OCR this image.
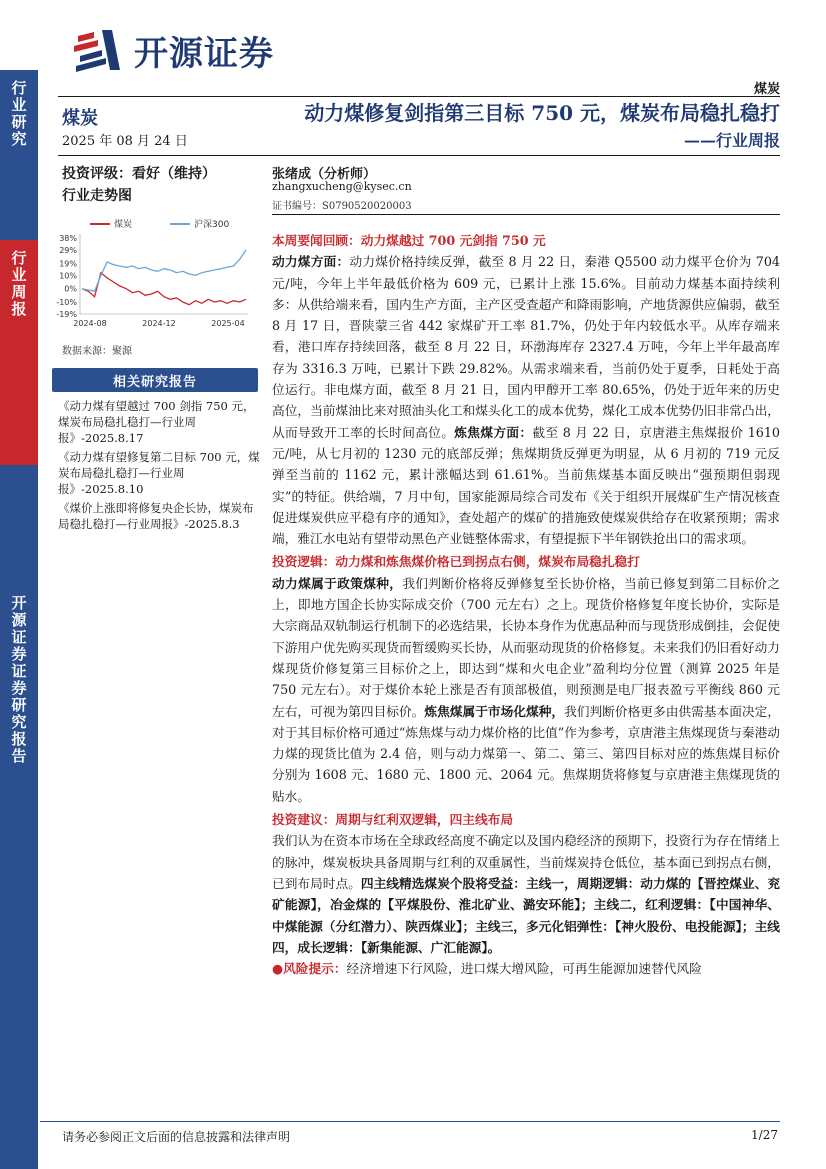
开源证券
行业研究
行业周报
开源证券证券研究报告
煤炭
煤炭
2025 年 08 月 24 日
动力煤修复剑指第三目标 750 元，煤炭布局稳扎稳打
——行业周报
投资评级：看好（维持）
行业走势图
煤炭	沪深300
38%
29%
19%
10%
0%
-10%
-19%
2024-08	2024-12	2025-04
数据来源：聚源
相关研究报告

《动力煤有望越过 700 剑指 750 元，煤炭布局稳扎稳打—行业周报》-2025.8.17

《动力煤有望修复第二目标 700 元，煤炭布局稳扎稳打—行业周报》-2025.8.10

《煤价上涨即将修复央企长协，煤炭布局稳扎稳打—行业周报》-2025.8.3

张绪成（分析师）
zhangxucheng@kysec.cn
证书编号：S0790520020003

本周要闻回顾：动力煤越过 700 元剑指 750 元

动力煤方面：动力煤价格持续反弹，截至 8 月 22 日，秦港 Q5500 动力煤平仓价为 704 元/吨，今年上半年最低价格为 609 元，已累计上涨 15.6%。目前动力煤基本面持续利多：从供给端来看，国内生产方面，主产区受查超产和降雨影响，产地货源供应偏弱，截至 8 月 17 日，晋陕蒙三省 442 家煤矿开工率 81.7%，仍处于年内较低水平。从库存端来看，港口库存持续回落，截至 8 月 22 日，环渤海库存 2327.4 万吨，今年上半年最高库存为 3316.3 万吨，已累计下跌 29.82%。从需求端来看，当前仍处于夏季，日耗处于高位运行。非电煤方面，截至 8 月 21 日，国内甲醇开工率 80.65%，仍处于近年来的历史高位，当前煤油比来对照油头化工和煤头化工的成本优势，煤化工成本优势仍旧非常凸出，从而导致开工率的长时间高位。炼焦煤方面：截至 8 月 22 日，京唐港主焦煤报价 1610 元/吨，从七月初的 1230 元的底部反弹；焦煤期货反弹更为明显，从 6 月初的 719 元反弹至当前的 1162 元，累计涨幅达到 61.61%。当前焦煤基本面反映出“强预期但弱现实”的特征。供给端，7 月中旬，国家能源局综合司发布《关于组织开展煤矿生产情况核查促进煤炭供应平稳有序的通知》，查处超产的煤矿的措施致使煤炭供给存在收紧预期；需求端，雅江水电站有望带动黑色产业链整体需求，有望提振下半年钢铁抢出口的需求项。

投资逻辑：动力煤和炼焦煤价格已到拐点右侧，煤炭布局稳扎稳打

动力煤属于政策煤种，我们判断价格将反弹修复至长协价格，当前已修复到第二目标价之上，即地方国企长协实际成交价（700 元左右）之上。现货价格修复年度长协价，实际是大宗商品双轨制运行机制下的必选结果，长协本身作为优惠品种而与现货形成倒挂，会促使下游用户优先购买现货而暂缓购买长协，从而驱动现货的价格修复。未来我们仍旧看好动力煤现货价修复第三目标价之上，即达到“煤和火电企业”盈利均分位置（测算 2025 年是 750 元左右）。对于煤价本轮上涨是否有顶部极值，则预测是电厂报表盈亏平衡线 860 元左右，可视为第四目标价。炼焦煤属于市场化煤种，我们判断价格更多由供需基本面决定，对于其目标价格可通过“炼焦煤与动力煤价格的比值”作为参考，京唐港主焦煤现货与秦港动力煤的现货比值为 2.4 倍，则与动力煤第一、第二、第三、第四目标对应的炼焦煤目标价分别为 1608 元、1680 元、1800 元、2064 元。焦煤期货将修复与京唐港主焦煤现货的贴水。

投资建议：周期与红利双逻辑，四主线布局

我们认为在资本市场在全球政经高度不确定以及国内稳经济的预期下，投资行为存在情绪上的脉冲，煤炭板块具备周期与红利的双重属性，当前煤炭持仓低位，基本面已到拐点右侧，已到布局时点。四主线精选煤炭个股将受益：主线一，周期逻辑：动力煤的【晋控煤业、兖矿能源】，冶金煤的【平煤股份、淮北矿业、潞安环能】；主线二，红利逻辑：【中国神华、中煤能源（分红潜力）、陕西煤业】；主线三，多元化铝弹性：【神火股份、电投能源】；主线四，成长逻辑：【新集能源、广汇能源】。

●风险提示：经济增速下行风险，进口煤大增风险，可再生能源加速替代风险

请务必参阅正文后面的信息披露和法律声明	1/27
